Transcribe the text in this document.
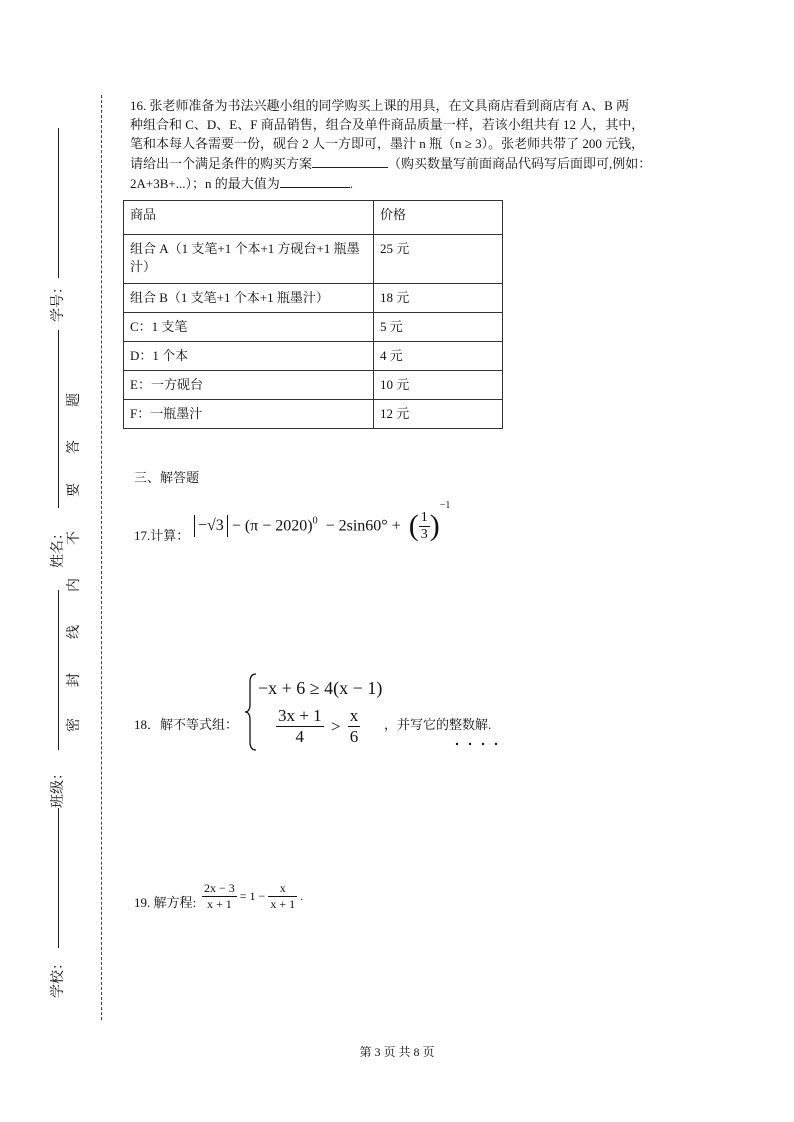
学号：
姓名：
班级：
学校：
密
封
线
内
不
要
答
题
16. 张老师准备为书法兴趣小组的同学购买上课的用具，在文具商店看到商店有 A、B 两
种组合和 C、D、E、F 商品销售，组合及单件商品质量一样，若该小组共有 12 人，其中，
笔和本每人各需要一份，砚台 2 人一方即可，墨汁 n 瓶（n ≥ 3）。张老师共带了 200 元钱，
请给出一个满足条件的购买方案	（购买数量写前面商品代码写后面即可,例如：
2A+3B+...）；n 的最大值为	.
商品	价格
组合 A（1 支笔+1 个本+1 方砚台+1 瓶墨汁）	25 元
组合 B（1 支笔+1 个本+1 瓶墨汁）	18 元
C：1 支笔	5 元
D：1 个本	4 元
E：一方砚台	10 元
F：一瓶墨汁	12 元
三、解答题
17.计算：
$-√3 - (\pi - 2020)^0 - 2\sin 60^\circ$ +  ( $\frac{1}{3} )^{-1}$
18．解不等式组：
−x + 6 ≥ 4(x − 1)
$\frac{3x + 1}{4} > \frac{x}{6}$ ，并写它的整数解.
19. 解方程: $\frac{2x - 3}{x + 1} = 1 - \frac{x}{x + 1}$ .
第 3 页 共 8 页
